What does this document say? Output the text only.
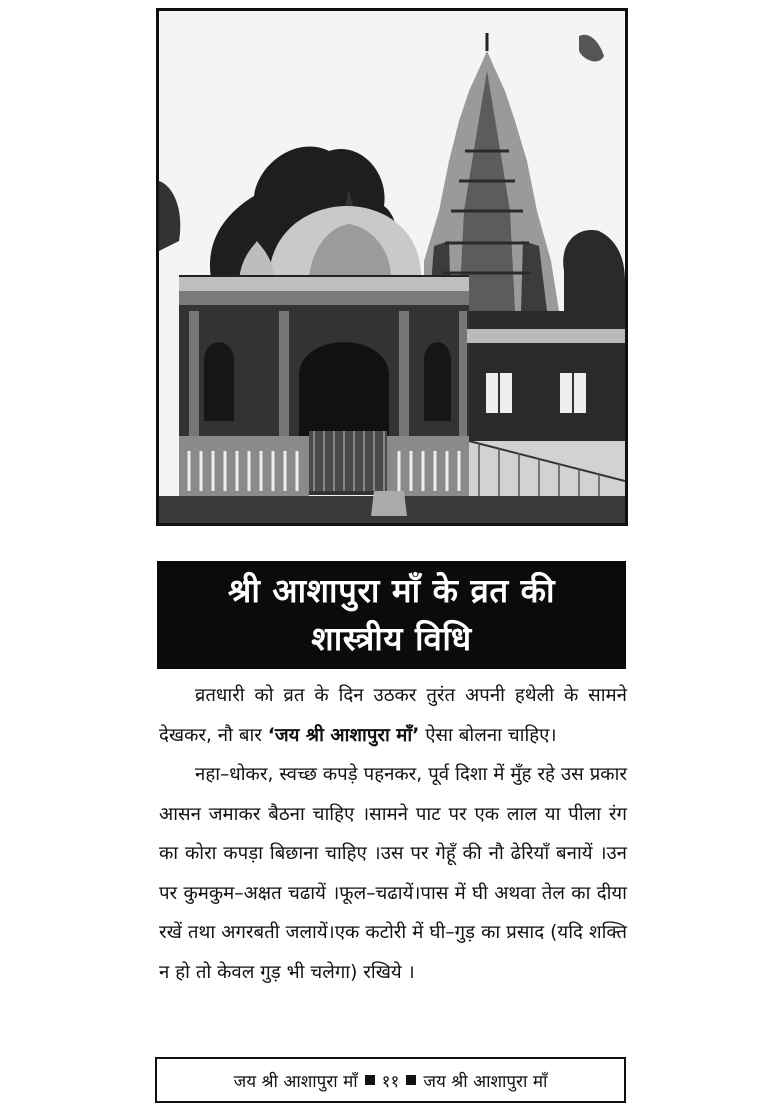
श्री आशापुरा माँ के व्रत की
शास्त्रीय विधि

व्रतधारी को व्रत के दिन उठकर तुरंत अपनी हथेली के सामने देखकर, नौ बार ‘जय श्री आशापुरा माँ’ ऐसा बोलना चाहिए।

नहा–धोकर, स्वच्छ कपड़े पहनकर, पूर्व दिशा में मुँह रहे उस प्रकार आसन जमाकर बैठना चाहिए ।सामने पाट पर एक लाल या पीला रंग का कोरा कपड़ा बिछाना चाहिए ।उस पर गेहूँ की नौ ढेरियाँ बनायें ।उन पर कुमकुम–अक्षत चढायें ।फूल–चढायें।पास में घी अथवा तेल का दीया रखें तथा अगरबती जलायें।एक कटोरी में घी–गुड़ का प्रसाद (यदि शक्ति न हो तो केवल गुड़ भी चलेगा) रखिये ।

जय श्री आशापुरा माँ ११ जय श्री आशापुरा माँ
